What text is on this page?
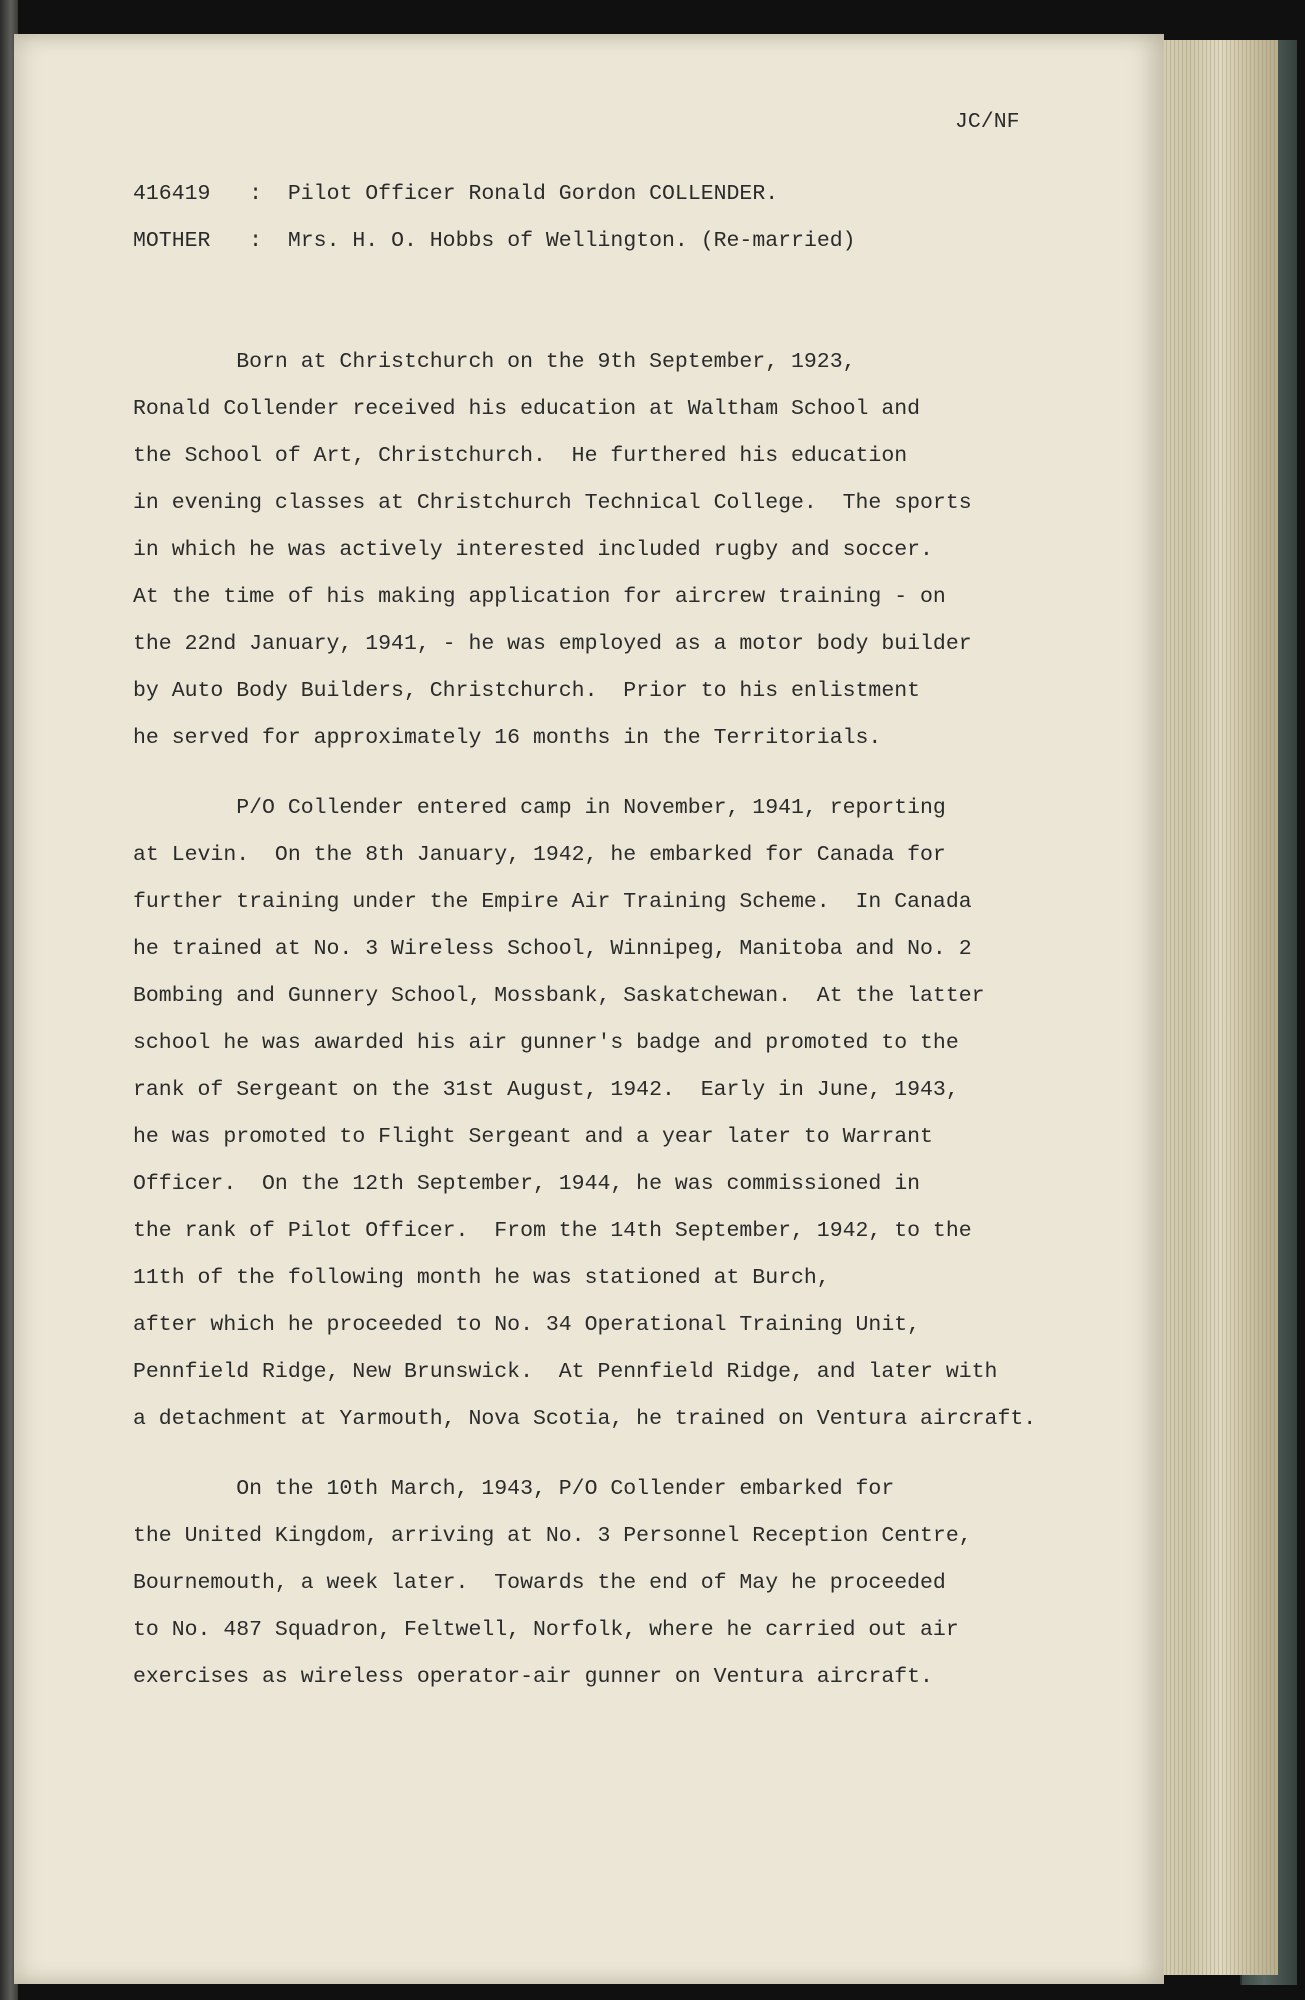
JC/NF
416419 : Pilot Officer Ronald Gordon COLLENDER.
MOTHER : Mrs. H. O. Hobbs of Wellington. (Re-married)
Born at Christchurch on the 9th September, 1923,
Ronald Collender received his education at Waltham School and
the School of Art, Christchurch.  He furthered his education
in evening classes at Christchurch Technical College.  The sports
in which he was actively interested included rugby and soccer.
At the time of his making application for aircrew training - on
the 22nd January, 1941, - he was employed as a motor body builder
by Auto Body Builders, Christchurch.  Prior to his enlistment
he served for approximately 16 months in the Territorials.
P/O Collender entered camp in November, 1941, reporting
at Levin.  On the 8th January, 1942, he embarked for Canada for
further training under the Empire Air Training Scheme.  In Canada
he trained at No. 3 Wireless School, Winnipeg, Manitoba and No. 2
Bombing and Gunnery School, Mossbank, Saskatchewan.  At the latter
school he was awarded his air gunner's badge and promoted to the
rank of Sergeant on the 31st August, 1942.  Early in June, 1943,
he was promoted to Flight Sergeant and a year later to Warrant
Officer.  On the 12th September, 1944, he was commissioned in
the rank of Pilot Officer.  From the 14th September, 1942, to the
11th of the following month he was stationed at Burch,
after which he proceeded to No. 34 Operational Training Unit,
Pennfield Ridge, New Brunswick.  At Pennfield Ridge, and later with
a detachment at Yarmouth, Nova Scotia, he trained on Ventura aircraft.
On the 10th March, 1943, P/O Collender embarked for
the United Kingdom, arriving at No. 3 Personnel Reception Centre,
Bournemouth, a week later.  Towards the end of May he proceeded
to No. 487 Squadron, Feltwell, Norfolk, where he carried out air
exercises as wireless operator-air gunner on Ventura aircraft.
